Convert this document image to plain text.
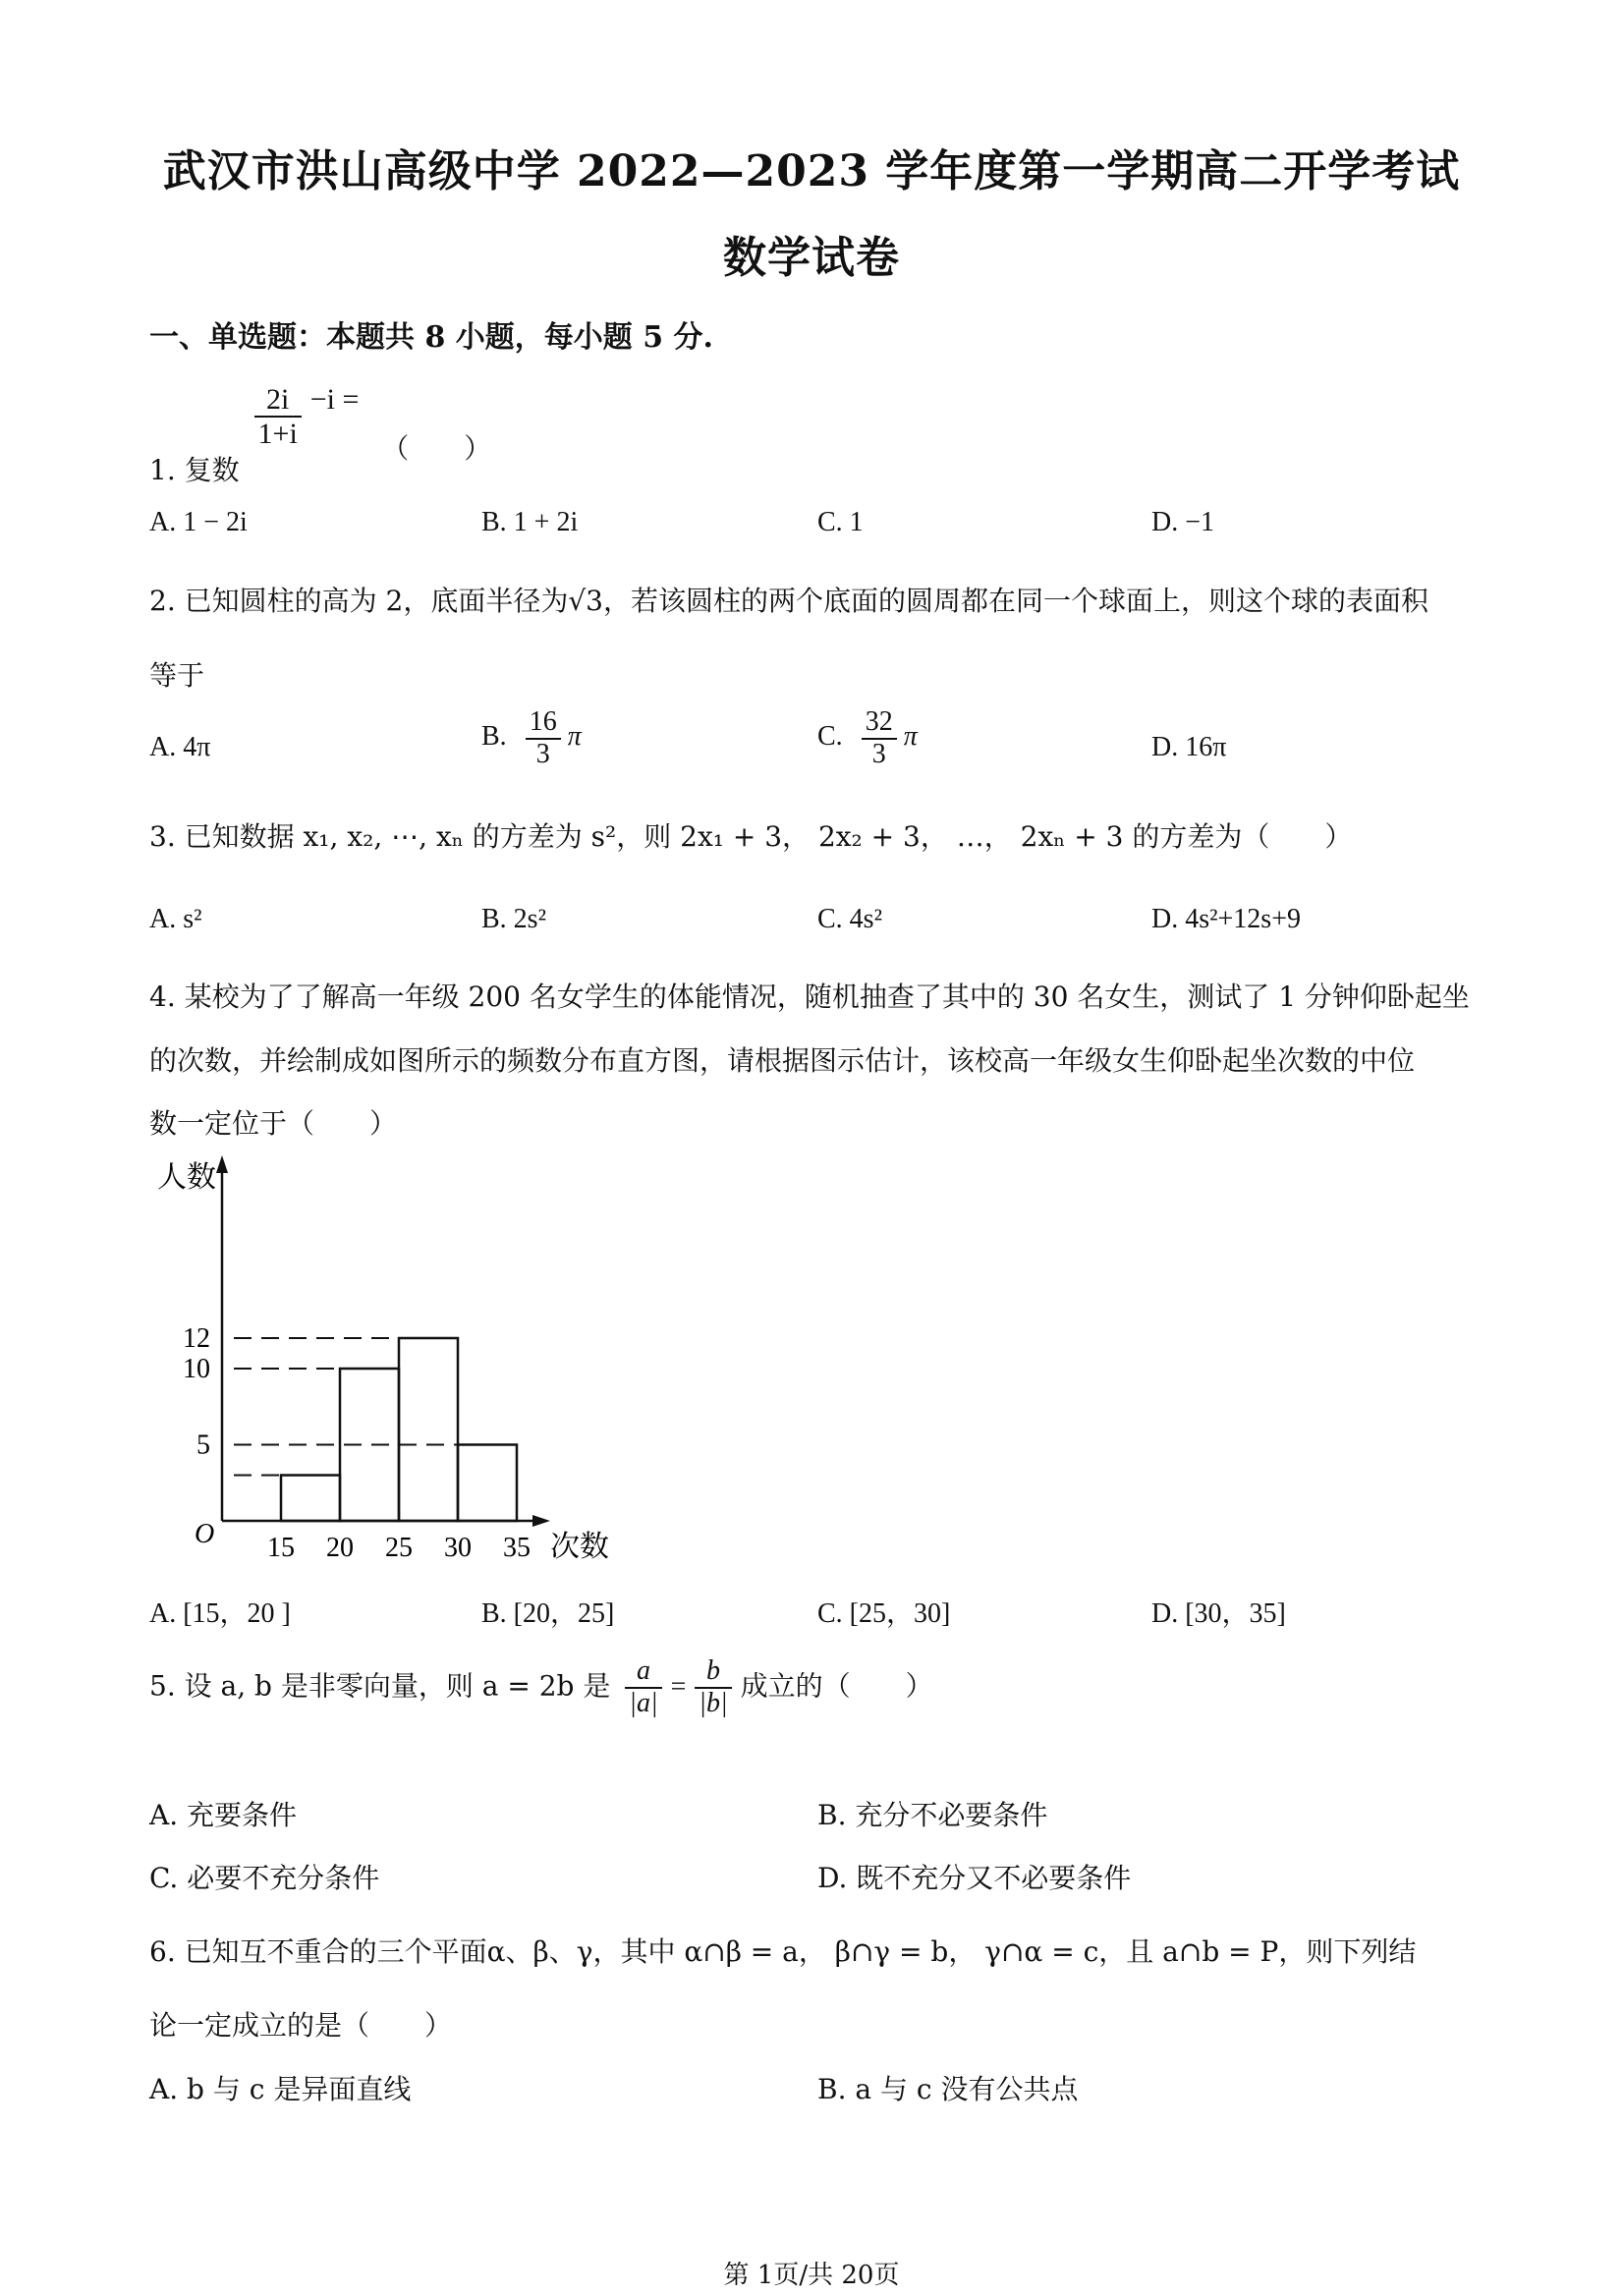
武汉市洪山高级中学 2022—2023 学年度第一学期高二开学考试
数学试卷
一、单选题：本题共 8 小题，每小题 5 分.
1. 复数
$\frac{2i}{1+i} -i$ = （　　）
A. 1 − 2i	B. 1 + 2i	C. 1	D. −1
2. 已知圆柱的高为 2，底面半径为√3，若该圆柱的两个底面的圆周都在同一个球面上，则这个球的表面积
等于
A. 4π	B. $\frac{16}{3}$ π	C. $\frac{32}{3}$ π	D. 16π
3. 已知数据 x₁, x₂, ⋯, xₙ 的方差为 s²，则 2x₁ + 3， 2x₂ + 3， …， 2xₙ + 3 的方差为（　　）
A. s²	B. 2s²	C. 4s²	D. 4s²+12s+9
4. 某校为了了解高一年级 200 名女学生的体能情况，随机抽查了其中的 30 名女生，测试了 1 分钟仰卧起坐
的次数，并绘制成如图所示的频数分布直方图，请根据图示估计，该校高一年级女生仰卧起坐次数的中位
数一定位于（　　）
人数
次数
O 15 20 25 30 35
5
10
12
A. [15，20 ]	B. [20，25]	C. [25，30]	D. [30，35]
5. 设 a, b 是非零向量，则 a = 2b 是 $\frac{a}{|a|} = \frac{b}{|b|}$ 成立的（　　）
A. 充要条件	B. 充分不必要条件
C. 必要不充分条件	D. 既不充分又不必要条件
6. 已知互不重合的三个平面α、β、γ，其中 α∩β = a， β∩γ = b， γ∩α = c，且 a∩b = P，则下列结
论一定成立的是（　　）
A. b 与 c 是异面直线	B. a 与 c 没有公共点
第 1页/共 20页
